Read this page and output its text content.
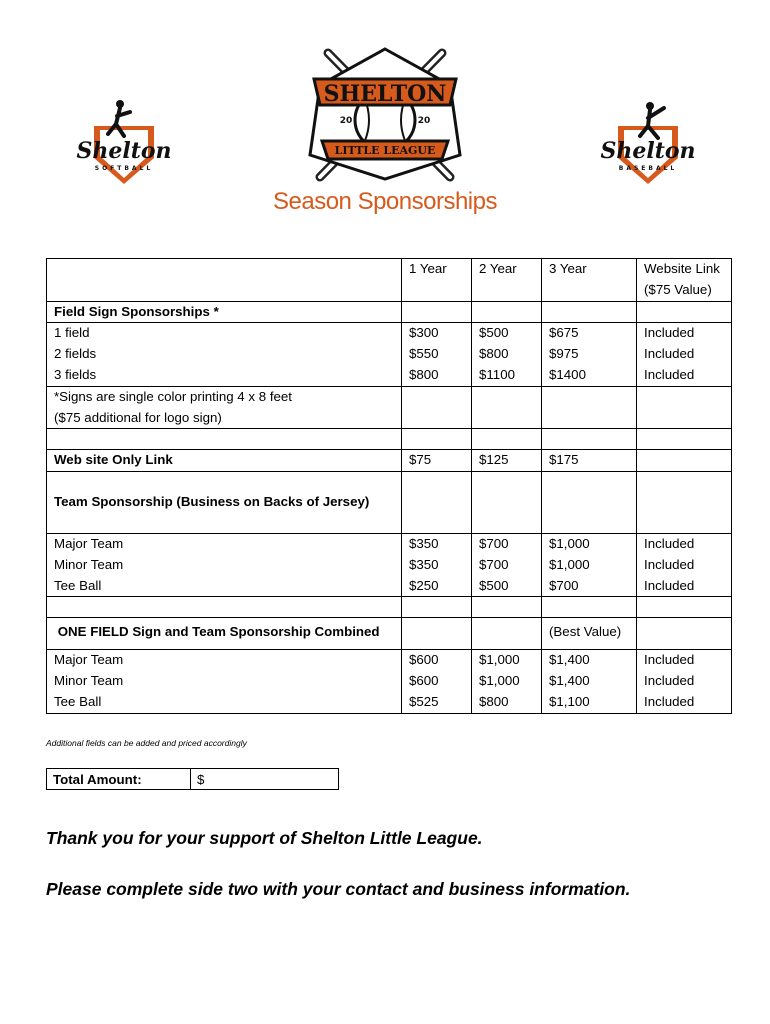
SHELTON
20	20
LITTLE LEAGUE
Shelton
SOFTBALL
Shelton
BASEBALL
Season Sponsorships
	1 Year	2 Year	3 Year	Website Link
($75 Value)
Field Sign Sponsorships *				
1 field	$300	$500	$675	Included
2 fields	$550	$800	$975	Included
3 fields	$800	$1100	$1400	Included
*Signs are single color printing 4 x 8 feet
($75 additional for logo sign)				

Web site Only Link	$75	$125	$175	

Team Sponsorship (Business on Backs of Jersey)				

Major Team	$350	$700	$1,000	Included
Minor Team	$350	$700	$1,000	Included
Tee Ball	$250	$500	$700	Included

ONE FIELD Sign and Team Sponsorship Combined			(Best Value)	
Major Team	$600	$1,000	$1,400	Included
Minor Team	$600	$1,000	$1,400	Included
Tee Ball	$525	$800	$1,100	Included
Additional fields can be added and priced accordingly
Total Amount:	$
Thank you for your support of Shelton Little League.
Please complete side two with your contact and business information.
